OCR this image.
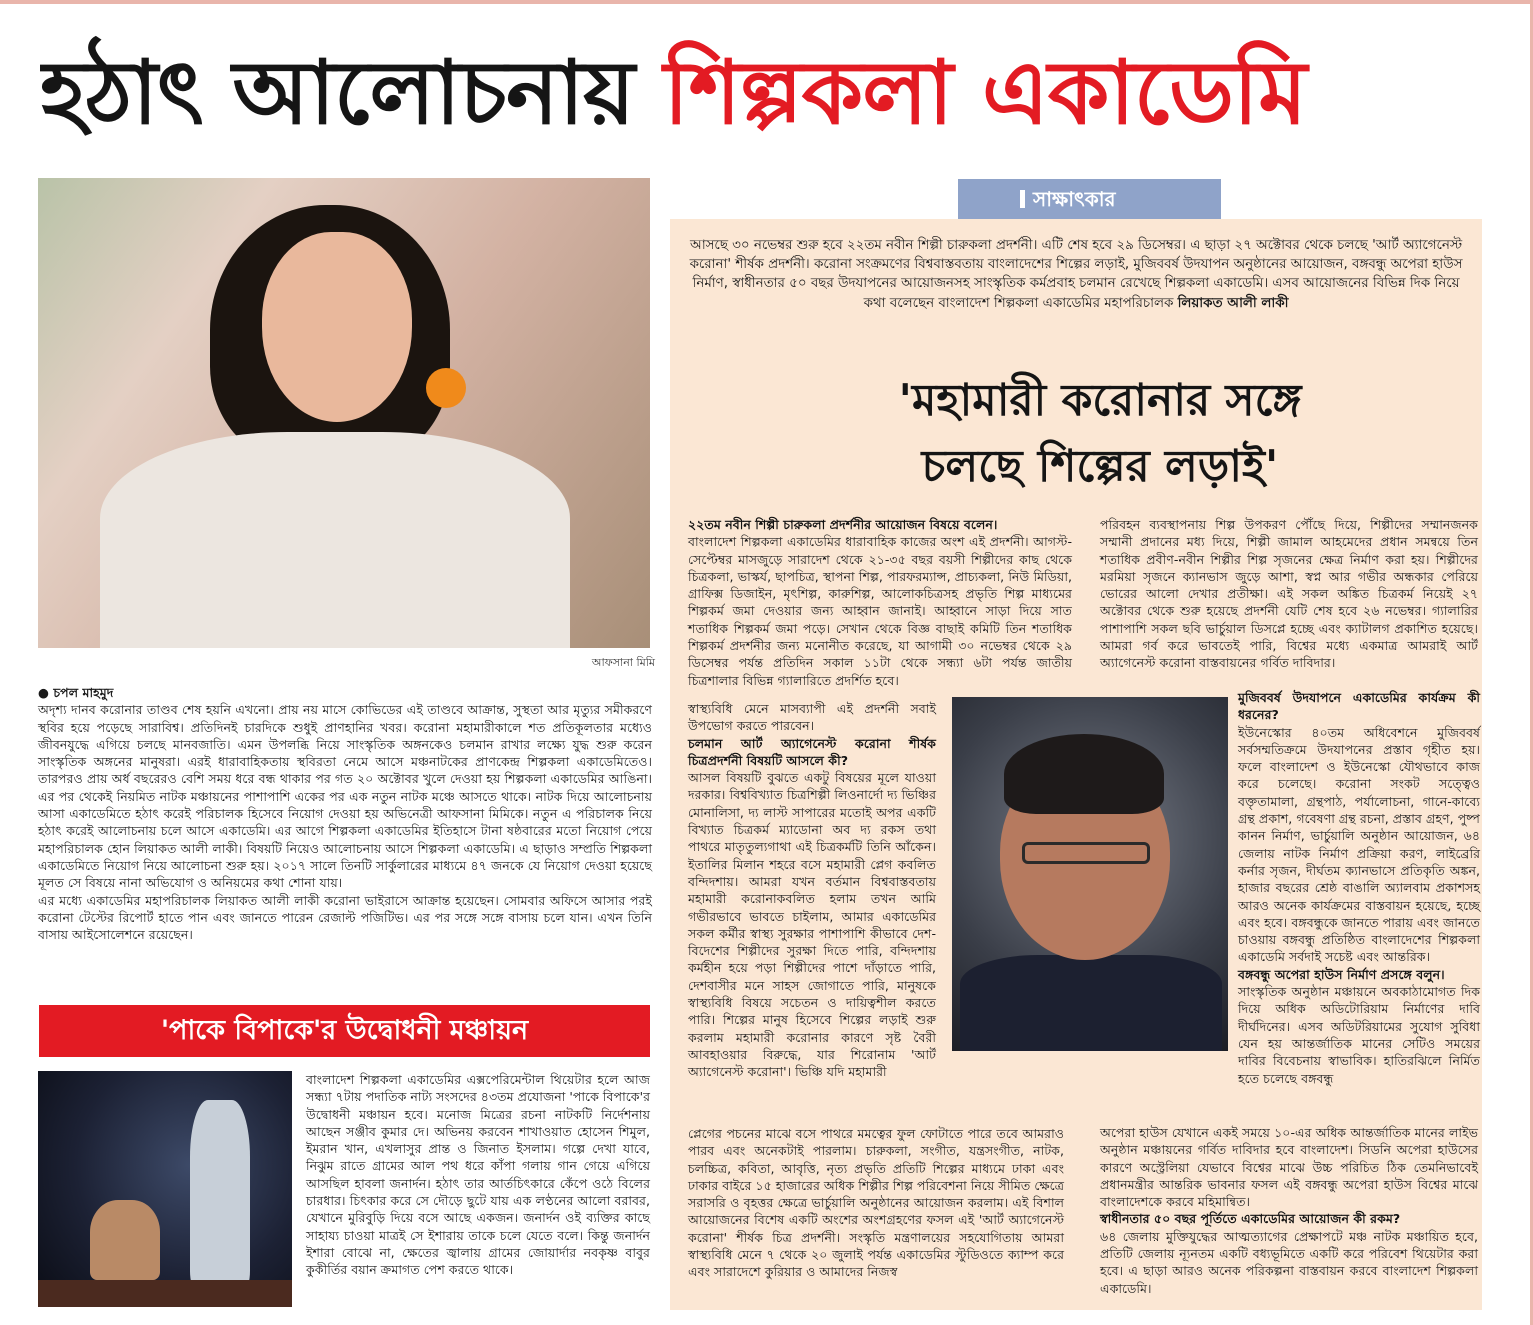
হঠাৎ আলোচনায় শিল্পকলা একাডেমি
আফসানা মিমি
সাক্ষাৎকার
আসছে ৩০ নভেম্বর শুরু হবে ২২তম নবীন শিল্পী চারুকলা প্রদর্শনী। এটি শেষ হবে ২৯ ডিসেম্বর। এ ছাড়া ২৭ অক্টোবর থেকে চলছে 'আর্ট অ্যাগেনেস্ট করোনা' শীর্ষক প্রদর্শনী। করোনা সংক্রমণের বিশ্ববাস্তবতায় বাংলাদেশের শিল্পের লড়াই, মুজিববর্ষ উদযাপন অনুষ্ঠানের আয়োজন, বঙ্গবন্ধু অপেরা হাউস নির্মাণ, স্বাধীনতার ৫০ বছর উদযাপনের আয়োজনসহ সাংস্কৃতিক কর্মপ্রবাহ চলমান রেখেছে শিল্পকলা একাডেমি। এসব আয়োজনের বিভিন্ন দিক নিয়ে কথা বলেছেন বাংলাদেশ শিল্পকলা একাডেমির মহাপরিচালক লিয়াকত আলী লাকী
'মহামারী করোনার সঙ্গে
চলছে শিল্পের লড়াই'

● চপল মাহমুদ

অদৃশ্য দানব করোনার তাণ্ডব শেষ হয়নি এখনো। প্রায় নয় মাসে কোভিডের এই তাণ্ডবে আক্রান্ত, সুস্থতা আর মৃত্যুর সমীকরণে স্থবির হয়ে পড়েছে সারাবিশ্ব। প্রতিদিনই চারদিকে শুধুই প্রাণহানির খবর। করোনা মহামারীকালে শত প্রতিকূলতার মধ্যেও জীবনযুদ্ধে এগিয়ে চলছে মানবজাতি। এমন উপলব্ধি নিয়ে সাংস্কৃতিক অঙ্গনকেও চলমান রাখার লক্ষ্যে যুদ্ধ শুরু করেন সাংস্কৃতিক অঙ্গনের মানুষরা। এরই ধারাবাহিকতায় স্থবিরতা নেমে আসে মঞ্চনাটকের প্রাণকেন্দ্র শিল্পকলা একাডেমিতেও। তারপরও প্রায় অর্ধ বছরেরও বেশি সময় ধরে বন্ধ থাকার পর গত ২০ অক্টোবর খুলে দেওয়া হয় শিল্পকলা একাডেমির আঙিনা। এর পর থেকেই নিয়মিত নাটক মঞ্চায়নের পাশাপাশি একের পর এক নতুন নাটক মঞ্চে আসতে থাকে। নাটক দিয়ে আলোচনায় আসা একাডেমিতে হঠাৎ করেই পরিচালক হিসেবে নিয়োগ দেওয়া হয় অভিনেত্রী আফসানা মিমিকে। নতুন এ পরিচালক নিয়ে হঠাৎ করেই আলোচনায় চলে আসে একাডেমি। এর আগে শিল্পকলা একাডেমির ইতিহাসে টানা ষষ্ঠবারের মতো নিয়োগ পেয়ে মহাপরিচালক হোন লিয়াকত আলী লাকী। বিষয়টি নিয়েও আলোচনায় আসে শিল্পকলা একাডেমি। এ ছাড়াও সম্প্রতি শিল্পকলা একাডেমিতে নিয়োগ নিয়ে আলোচনা শুরু হয়। ২০১৭ সালে তিনটি সার্কুলারের মাধ্যমে ৪৭ জনকে যে নিয়োগ দেওয়া হয়েছে মূলত সে বিষয়ে নানা অভিযোগ ও অনিয়মের কথা শোনা যায়।

এর মধ্যে একাডেমির মহাপরিচালক লিয়াকত আলী লাকী করোনা ভাইরাসে আক্রান্ত হয়েছেন। সোমবার অফিসে আসার পরই করোনা টেস্টের রিপোর্ট হাতে পান এবং জানতে পারেন রেজাল্ট পজিটিভ। এর পর সঙ্গে সঙ্গে বাসায় চলে যান। এখন তিনি বাসায় আইসোলেশনে রয়েছেন।

'পাকে বিপাকে'র উদ্বোধনী মঞ্চায়ন
বাংলাদেশ শিল্পকলা একাডেমির এক্সপেরিমেন্টাল থিয়েটার হলে আজ সন্ধ্যা ৭টায় পদাতিক নাট্য সংসদের ৪৩তম প্রযোজনা 'পাকে বিপাকে'র উদ্বোধনী মঞ্চায়ন হবে। মনোজ মিত্রের রচনা নাটকটি নির্দেশনায় আছেন সঞ্জীব কুমার দে। অভিনয় করবেন শাখাওয়াত হোসেন শিমুল, ইমরান খান, এখলাসুর প্রান্ত ও জিনাত ইসলাম। গল্পে দেখা যাবে, নিঝুম রাতে গ্রামের আল পথ ধরে কাঁপা গলায় গান গেয়ে এগিয়ে আসছিল হাবলা জনার্দন। হঠাৎ তার আর্তচিৎকারে কেঁপে ওঠে বিলের চারধার। চিৎকার করে সে দৌড়ে ছুটে যায় এক লণ্ঠনের আলো বরাবর, যেখানে মুরিবুড়ি দিয়ে বসে আছে একজন। জনার্দন ওই ব্যক্তির কাছে সাহায্য চাওয়া মাত্রই সে ইশারায় তাকে চলে যেতে বলে। কিন্তু জনার্দন ইশারা বোঝে না, ক্ষেতের জ্বালায় গ্রামের জোয়ার্দার নবকৃষ্ণ বাবুর কুকীর্তির বয়ান ক্রমাগত পেশ করতে থাকে।

২২তম নবীন শিল্পী চারুকলা প্রদর্শনীর আয়োজন বিষয়ে বলেন।

বাংলাদেশ শিল্পকলা একাডেমির ধারাবাহিক কাজের অংশ এই প্রদর্শনী। আগস্ট-সেপ্টেম্বর মাসজুড়ে সারাদেশ থেকে ২১-৩৫ বছর বয়সী শিল্পীদের কাছ থেকে চিত্রকলা, ভাস্কর্য, ছাপচিত্র, স্থাপনা শিল্প, পারফরম্যান্স, প্রাচ্যকলা, নিউ মিডিয়া, গ্রাফিক্স ডিজাইন, মৃৎশিল্প, কারুশিল্প, আলোকচিত্রসহ প্রভৃতি শিল্প মাধ্যমের শিল্পকর্ম জমা দেওয়ার জন্য আহ্বান জানাই। আহ্বানে সাড়া দিয়ে সাত শতাধিক শিল্পকর্ম জমা পড়ে। সেখান থেকে বিজ্ঞ বাছাই কমিটি তিন শতাধিক শিল্পকর্ম প্রদর্শনীর জন্য মনোনীত করেছে, যা আগামী ৩০ নভেম্বর থেকে ২৯ ডিসেম্বর পর্যন্ত প্রতিদিন সকাল ১১টা থেকে সন্ধ্যা ৬টা পর্যন্ত জাতীয় চিত্রশালার বিভিন্ন গ্যালারিতে প্রদর্শিত হবে।

স্বাস্থ্যবিধি মেনে মাসব্যাপী এই প্রদর্শনী সবাই উপভোগ করতে পারবেন।

চলমান আর্ট অ্যাগেনেস্ট করোনা শীর্ষক চিত্রপ্রদর্শনী বিষয়টি আসলে কী?

আসল বিষয়টি বুঝতে একটু বিষয়ের মূলে যাওয়া দরকার। বিশ্ববিখ্যাত চিত্রশিল্পী লিওনার্দো দ্য ভিঞ্চির মোনালিসা, দ্য লাস্ট সাপারের মতোই অপর একটি বিখ্যাত চিত্রকর্ম ম্যাডোনা অব দ্য রকস তথা পাথরে মাতৃতুল্যগাথা এই চিত্রকর্মটি তিনি আঁকেন। ইতালির মিলান শহরে বসে মহামারী প্লেগ কবলিত বন্দিদশায়। আমরা যখন বর্তমান বিশ্ববাস্তবতায় মহামারী করোনাকবলিত হলাম তখন আমি গভীরভাবে ভাবতে চাইলাম, আমার একাডেমির সকল কর্মীর স্বাস্থ্য সুরক্ষার পাশাপাশি কীভাবে দেশ-বিদেশের শিল্পীদের সুরক্ষা দিতে পারি, বন্দিদশায় কর্মহীন হয়ে পড়া শিল্পীদের পাশে দাঁড়াতে পারি, দেশবাসীর মনে সাহস জোগাতে পারি, মানুষকে স্বাস্থ্যবিধি বিষয়ে সচেতন ও দায়িত্বশীল করতে পারি। শিল্পের মানুষ হিসেবে শিল্পের লড়াই শুরু করলাম মহামারী করোনার কারণে সৃষ্ট বৈরী আবহাওয়ার বিরুদ্ধে, যার শিরোনাম 'আর্ট অ্যাগেনেস্ট করোনা'। ভিঞ্চি যদি মহামারী

প্লেগের পচনের মাঝে বসে পাথরে মমত্বের ফুল ফোটাতে পারে তবে আমরাও পারব এবং অনেকটাই পারলাম। চারুকলা, সংগীত, যন্ত্রসংগীত, নাটক, চলচ্চিত্র, কবিতা, আবৃত্তি, নৃত্য প্রভৃতি প্রতিটি শিল্পের মাধ্যমে ঢাকা এবং ঢাকার বাইরে ১৫ হাজারের অধিক শিল্পীর শিল্প পরিবেশনা নিয়ে সীমিত ক্ষেত্রে সরাসরি ও বৃহত্তর ক্ষেত্রে ভার্চুয়ালি অনুষ্ঠানের আয়োজন করলাম। এই বিশাল আয়োজনের বিশেষ একটি অংশের অংশগ্রহণের ফসল এই 'আর্ট অ্যাগেনেস্ট করোনা' শীর্ষক চিত্র প্রদর্শনী। সংস্কৃতি মন্ত্রণালয়ের সহযোগিতায় আমরা স্বাস্থ্যবিধি মেনে ৭ থেকে ২০ জুলাই পর্যন্ত একাডেমির স্টুডিওতে ক্যাম্প করে এবং সারাদেশে কুরিয়ার ও আমাদের নিজস্ব

পরিবহন ব্যবস্থাপনায় শিল্প উপকরণ পৌঁছে দিয়ে, শিল্পীদের সম্মানজনক সম্মানী প্রদানের মধ্য দিয়ে, শিল্পী জামাল আহমেদের প্রধান সমন্বয়ে তিন শতাধিক প্রবীণ-নবীন শিল্পীর শিল্প সৃজনের ক্ষেত্র নির্মাণ করা হয়। শিল্পীদের মরমিয়া সৃজনে ক্যানভাস জুড়ে আশা, স্বপ্ন আর গভীর অন্ধকার পেরিয়ে ভোরের আলো দেখার প্রতীক্ষা। এই সকল অঙ্কিত চিত্রকর্ম নিয়েই ২৭ অক্টোবর থেকে শুরু হয়েছে প্রদর্শনী যেটি শেষ হবে ২৬ নভেম্বর। গ্যালারির পাশাপাশি সকল ছবি ভার্চুয়াল ডিসপ্লে হচ্ছে এবং ক্যাটালগ প্রকাশিত হয়েছে। আমরা গর্ব করে ভাবতেই পারি, বিশ্বের মধ্যে একমাত্র আমরাই আর্ট অ্যাগেনেস্ট করোনা বাস্তবায়নের গর্বিত দাবিদার।

মুজিববর্ষ উদযাপনে একাডেমির কার্যক্রম কী ধরনের?

ইউনেস্কোর ৪০তম অধিবেশনে মুজিববর্ষ সর্বসম্মতিক্রমে উদযাপনের প্রস্তাব গৃহীত হয়। ফলে বাংলাদেশ ও ইউনেস্কো যৌথভাবে কাজ করে চলেছে। করোনা সংকট সত্ত্বেও বক্তৃতামালা, গ্রন্থপাঠ, পর্যালোচনা, গানে-কাব্যে গ্রন্থ প্রকাশ, গবেষণা গ্রন্থ রচনা, প্রস্তাব গ্রহণ, পুষ্প কানন নির্মাণ, ভার্চুয়ালি অনুষ্ঠান আয়োজন, ৬৪ জেলায় নাটক নির্মাণ প্রক্রিয়া করণ, লাইব্রেরি কর্নার সৃজন, দীর্ঘতম ক্যানভাসে প্রতিকৃতি অঙ্কন, হাজার বছরের শ্রেষ্ঠ বাঙালি অ্যালবাম প্রকাশসহ আরও অনেক কার্যক্রমের বাস্তবায়ন হয়েছে, হচ্ছে এবং হবে। বঙ্গবন্ধুকে জানতে পারায় এবং জানতে চাওয়ায় বঙ্গবন্ধু প্রতিষ্ঠিত বাংলাদেশের শিল্পকলা একাডেমি সর্বদাই সচেষ্ট এবং আন্তরিক।

বঙ্গবন্ধু অপেরা হাউস নির্মাণ প্রসঙ্গে বলুন।

সাংস্কৃতিক অনুষ্ঠান মঞ্চায়নে অবকাঠামোগত দিক দিয়ে অধিক অডিটোরিয়াম নির্মাণের দাবি দীর্ঘদিনের। এসব অডিটরিয়ামের সুযোগ সুবিধা যেন হয় আন্তর্জাতিক মানের সেটিও সময়ের দাবির বিবেচনায় স্বাভাবিক। হাতিরঝিলে নির্মিত হতে চলেছে বঙ্গবন্ধু

অপেরা হাউস যেখানে একই সময়ে ১০-এর অধিক আন্তর্জাতিক মানের লাইভ অনুষ্ঠান মঞ্চায়নের গর্বিত দাবিদার হবে বাংলাদেশ। সিডনি অপেরা হাউসের কারণে অস্ট্রেলিয়া যেভাবে বিশ্বের মাঝে উচ্চ পরিচিত ঠিক তেমনিভাবেই প্রধানমন্ত্রীর আন্তরিক ভাবনার ফসল এই বঙ্গবন্ধু অপেরা হাউস বিশ্বের মাঝে বাংলাদেশকে করবে মহিমান্বিত।

স্বাধীনতার ৫০ বছর পূর্তিতে একাডেমির আয়োজন কী রকম?

৬৪ জেলায় মুক্তিযুদ্ধের আত্মত্যাগের প্রেক্ষাপটে মঞ্চ নাটক মঞ্চায়িত হবে, প্রতিটি জেলায় ন্যূনতম একটি বধ্যভূমিতে একটি করে পরিবেশ থিয়েটার করা হবে। এ ছাড়া আরও অনেক পরিকল্পনা বাস্তবায়ন করবে বাংলাদেশ শিল্পকলা একাডেমি।
